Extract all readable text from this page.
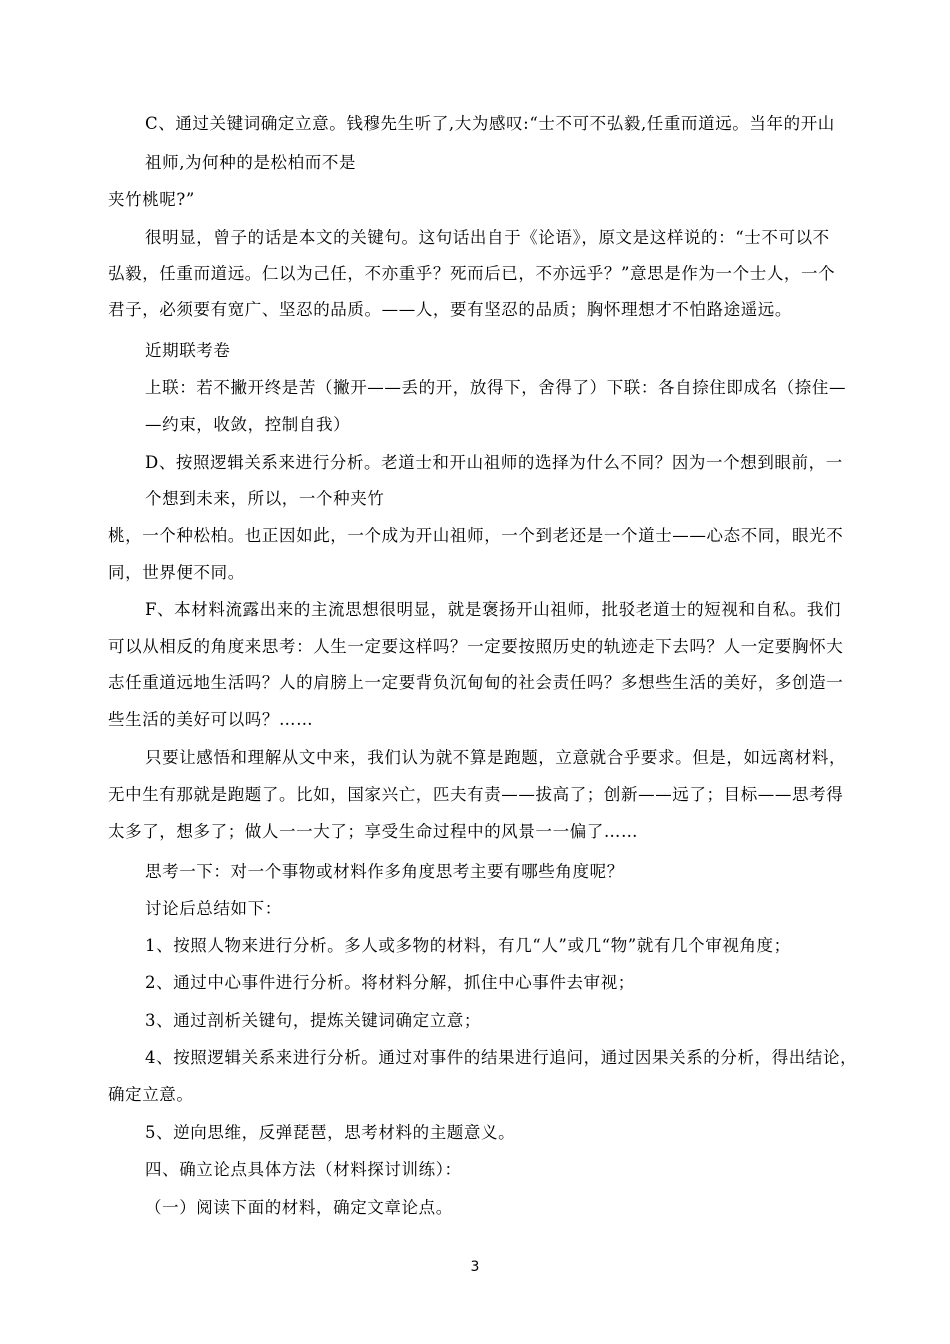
C、通过关键词确定立意。钱穆先生听了,大为感叹:“士不可不弘毅,任重而道远。当年的开山
祖师,为何种的是松柏而不是
夹竹桃呢?”
很明显，曾子的话是本文的关键句。这句话出自于《论语》，原文是这样说的：“士不可以不
弘毅，任重而道远。仁以为己任，不亦重乎？死而后已，不亦远乎？”意思是作为一个士人，一个
君子，必须要有宽广、坚忍的品质。——人，要有坚忍的品质；胸怀理想才不怕路途遥远。
近期联考卷
上联：若不撇开终是苦（撇开——丢的开，放得下，舍得了）下联：各自捺住即成名（捺住—
—约束，收敛，控制自我）
D、按照逻辑关系来进行分析。老道士和开山祖师的选择为什么不同？因为一个想到眼前，一
个想到未来，所以，一个种夹竹
桃，一个种松柏。也正因如此，一个成为开山祖师，一个到老还是一个道士——心态不同，眼光不
同，世界便不同。
F、本材料流露出来的主流思想很明显，就是褒扬开山祖师，批驳老道士的短视和自私。我们
可以从相反的角度来思考：人生一定要这样吗？一定要按照历史的轨迹走下去吗？人一定要胸怀大
志任重道远地生活吗？人的肩膀上一定要背负沉甸甸的社会责任吗？多想些生活的美好，多创造一
些生活的美好可以吗？……
只要让感悟和理解从文中来，我们认为就不算是跑题，立意就合乎要求。但是，如远离材料，
无中生有那就是跑题了。比如，国家兴亡，匹夫有责——拔高了；创新——远了；目标——思考得
太多了，想多了；做人一一大了；享受生命过程中的风景一一偏了……
思考一下：对一个事物或材料作多角度思考主要有哪些角度呢？
讨论后总结如下：
1、按照人物来进行分析。多人或多物的材料，有几“人”或几“物”就有几个审视角度；
2、通过中心事件进行分析。将材料分解，抓住中心事件去审视；
3、通过剖析关键句，提炼关键词确定立意；
4、按照逻辑关系来进行分析。通过对事件的结果进行追问，通过因果关系的分析，得出结论，
确定立意。
5、逆向思维，反弹琵琶，思考材料的主题意义。
四、确立论点具体方法（材料探讨训练）：
（一）阅读下面的材料，确定文章论点。
3
